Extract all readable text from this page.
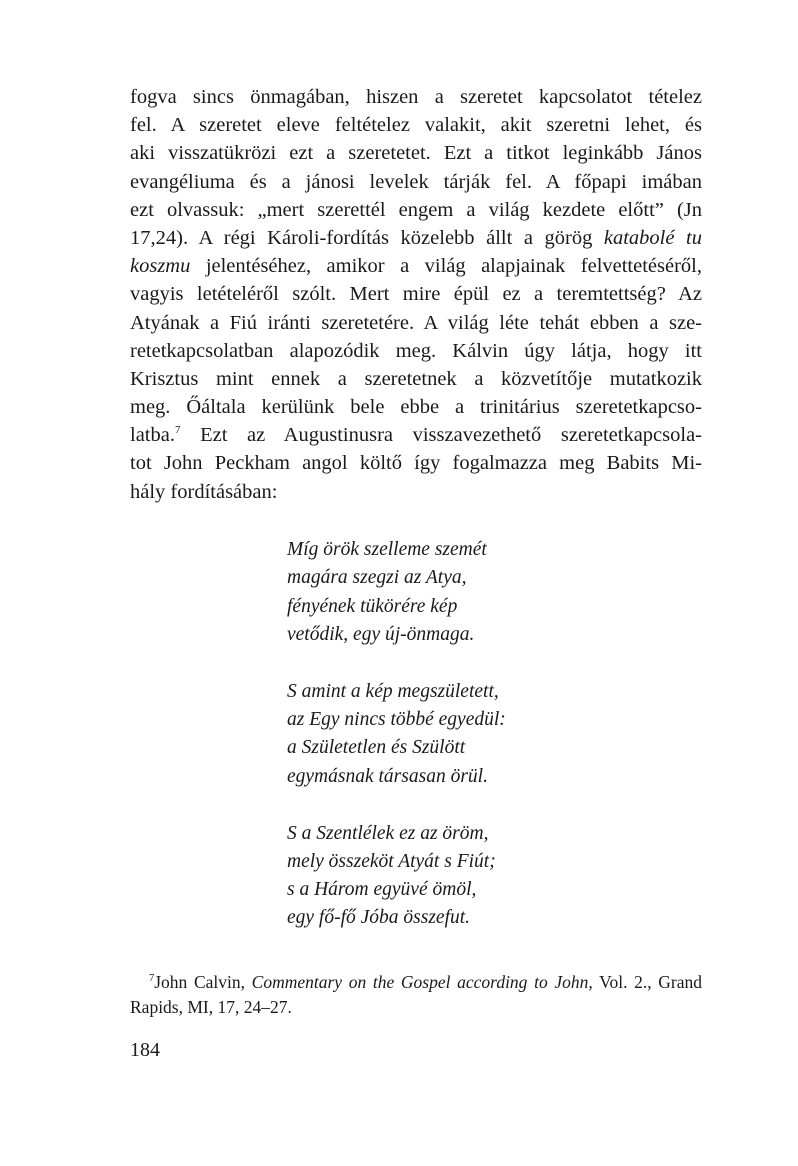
fogva sincs önmagában, hiszen a szeretet kapcsolatot tételez
fel. A szeretet eleve feltételez valakit, akit szeretni lehet, és
aki visszatükrözi ezt a szeretetet. Ezt a titkot leginkább János
evangéliuma és a jánosi levelek tárják fel. A főpapi imában
ezt olvassuk: „mert szerettél engem a világ kezdete előtt” (Jn
17,24). A régi Károli-fordítás közelebb állt a görög katabolé tu
koszmu jelentéséhez, amikor a világ alapjainak felvettetéséről,
vagyis letételéről szólt. Mert mire épül ez a teremtettség? Az
Atyának a Fiú iránti szeretetére. A világ léte tehát ebben a sze-
retetkapcsolatban alapozódik meg. Kálvin úgy látja, hogy itt
Krisztus mint ennek a szeretetnek a közvetítője mutatkozik
meg. Őáltala kerülünk bele ebbe a trinitárius szeretetkapcso-
latba.$^7$ Ezt az Augustinusra visszavezethető szeretetkapcsola-
tot John Peckham angol költő így fogalmazza meg Babits Mi-
hály fordításában:
Míg örök szelleme szemét
magára szegzi az Atya,
fényének tükörére kép
vetődik, egy új-önmaga.
S amint a kép megszületett,
az Egy nincs többé egyedül:
a Születetlen és Szülött
egymásnak társasan örül.
S a Szentlélek ez az öröm,
mely összeköt Atyát s Fiút;
s a Három együvé ömöl,
egy fő-fő Jóba összefut.
$^7$John Calvin, Commentary on the Gospel according to John, Vol. 2., Grand
Rapids, MI, 17, 24–27.
184
